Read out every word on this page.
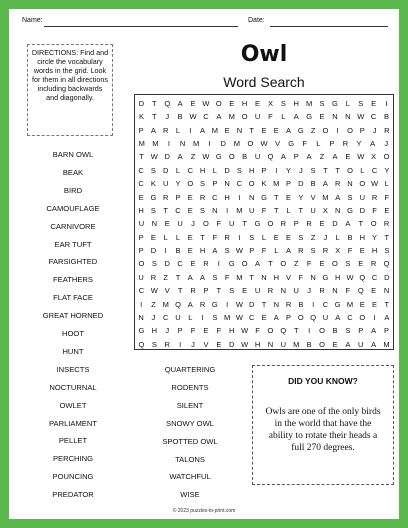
Name:	Date:
DIRECTIONS: Find and circle the vocabulary words in the grid. Look for them in all directions including backwards and diagonally.
Owl
Word Search
D	T	Q A	E W O E	H	E	X	S	H M S G	L	S	E	I
K	T	J	B W C	A M O U	F	L	A G E	N N W C	B
P A R L	I	A M E N T E E A G Z O	I	O P	J	R
M M	I	N	M	I	D	M	O W	V	G	F	L	P	R	Y	A	J
T W D	A	Z W G O B	U Q A	P	A	Z	A	E W X O
C S D L	C H L	D S H P	I	Y	J	S T	T O L C Y
C K U Y O S P N C O K M P D B A R N O W L
E G R P E R C H	I	N G T E Y V M A S U R F
H S T C E S N	I	M U F	T	L	T U X N G D F E
U N	E	U	J	O	F	U	T	G O R	P	R	E	D	A	T	O R
P E	L	L	E T	F R	I	S	L	E E S	Z	J	L	B H Y T
P D	I	B E H A S W P F	L	A R S R X F E H S
O S	D C	E	R	I	G O A	T	O	Z	F	E O S	E	R Q
U R Z	T A A S	F M T N H V F N G H W Q C D
C W V	T	R	P	T	S	E	U R N U	J	R N	F	Q E	N
I	Z M Q A R G	I	W D T N R B	I	C G M E E T
N	J	C U	L	I	S M W C E A P O Q U A C O	I	A
G H	J	P	F	E	F	H W F	O Q	T	I	O B	S	P	A	P
Q S	R	I	J	V	E	D W H N U M B O E	A	U	A M
BARN OWL
BEAK
BIRD
CAMOUFLAGE
CARNIVORE
EAR TUFT
FARSIGHTED
FEATHERS
FLAT FACE
GREAT HORNED
HOOT
HUNT
INSECTS
NOCTURNAL
OWLET
PARLIAMENT
PELLET
PERCHING
POUNCING
PREDATOR
QUARTERING
RODENTS
SILENT
SNOWY OWL
SPOTTED OWL
TALONS
WATCHFUL
WISE
DID YOU KNOW?
Owls are one of the only birds in the world that have the ability to rotate their heads a full 270 degrees.
© 2023 puzzles-to-print.com
